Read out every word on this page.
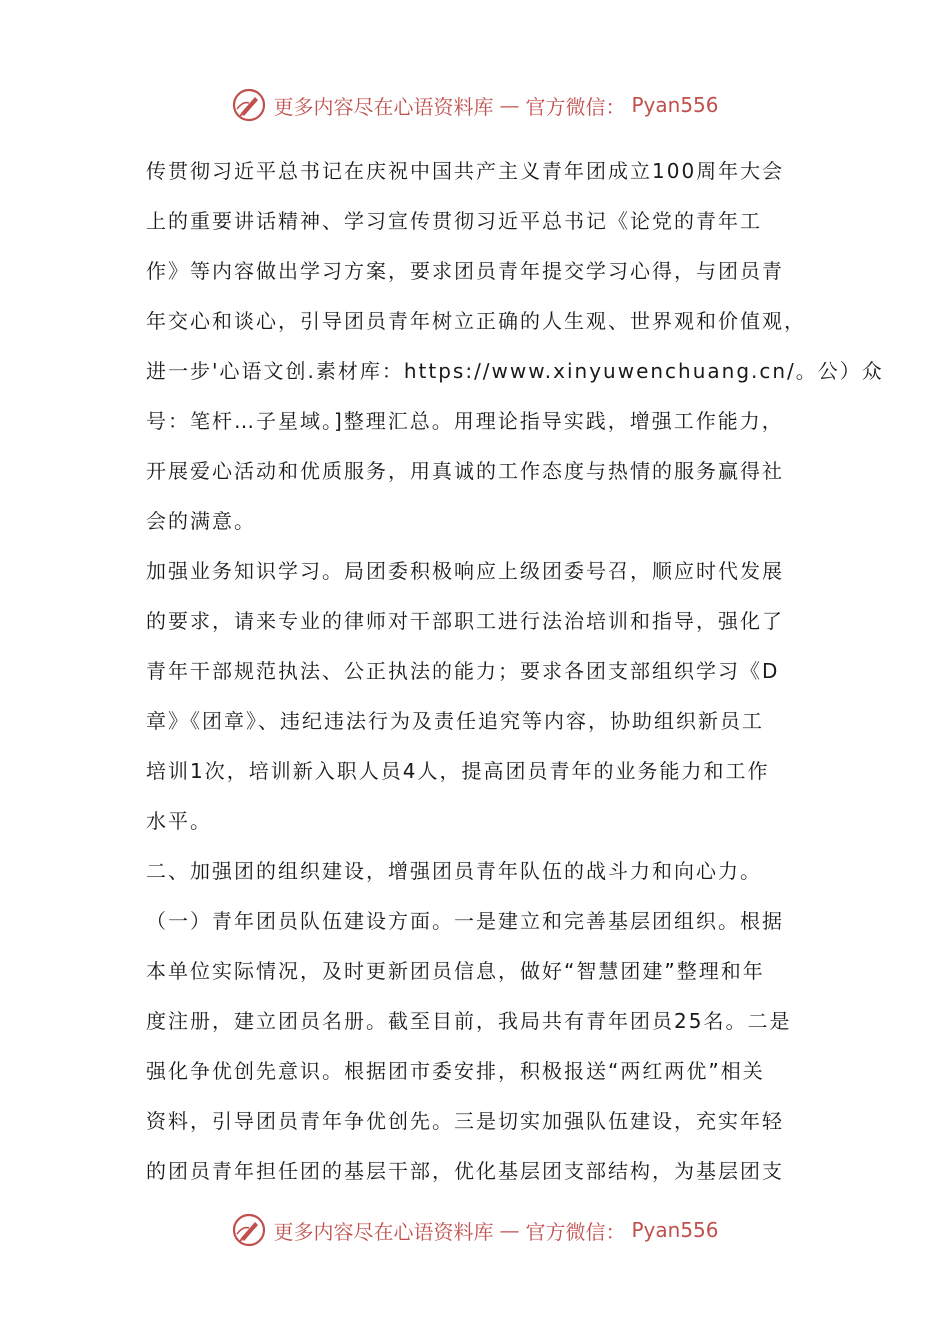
更多内容尽在心语资料库 — 官方微信： Pyan556
传贯彻习近平总书记在庆祝中国共产主义青年团成立100周年大会
上的重要讲话精神、学习宣传贯彻习近平总书记《论党的青年工
作》等内容做出学习方案，要求团员青年提交学习心得，与团员青
年交心和谈心，引导团员青年树立正确的人生观、世界观和价值观，
进一步'心语文创.素材库：https://www.xinyuwenchuang.cn/。公）众
号：笔杆…子星域。]整理汇总。用理论指导实践，增强工作能力，
开展爱心活动和优质服务，用真诚的工作态度与热情的服务赢得社
会的满意。
加强业务知识学习。局团委积极响应上级团委号召，顺应时代发展
的要求，请来专业的律师对干部职工进行法治培训和指导，强化了
青年干部规范执法、公正执法的能力；要求各团支部组织学习《D
章》《团章》、违纪违法行为及责任追究等内容，协助组织新员工
培训1次，培训新入职人员4人，提高团员青年的业务能力和工作
水平。
二、加强团的组织建设，增强团员青年队伍的战斗力和向心力。
（一）青年团员队伍建设方面。一是建立和完善基层团组织。根据
本单位实际情况，及时更新团员信息，做好“智慧团建”整理和年
度注册，建立团员名册。截至目前，我局共有青年团员25名。二是
强化争优创先意识。根据团市委安排，积极报送“两红两优”相关
资料，引导团员青年争优创先。三是切实加强队伍建设，充实年轻
的团员青年担任团的基层干部，优化基层团支部结构，为基层团支
更多内容尽在心语资料库 — 官方微信： Pyan556
